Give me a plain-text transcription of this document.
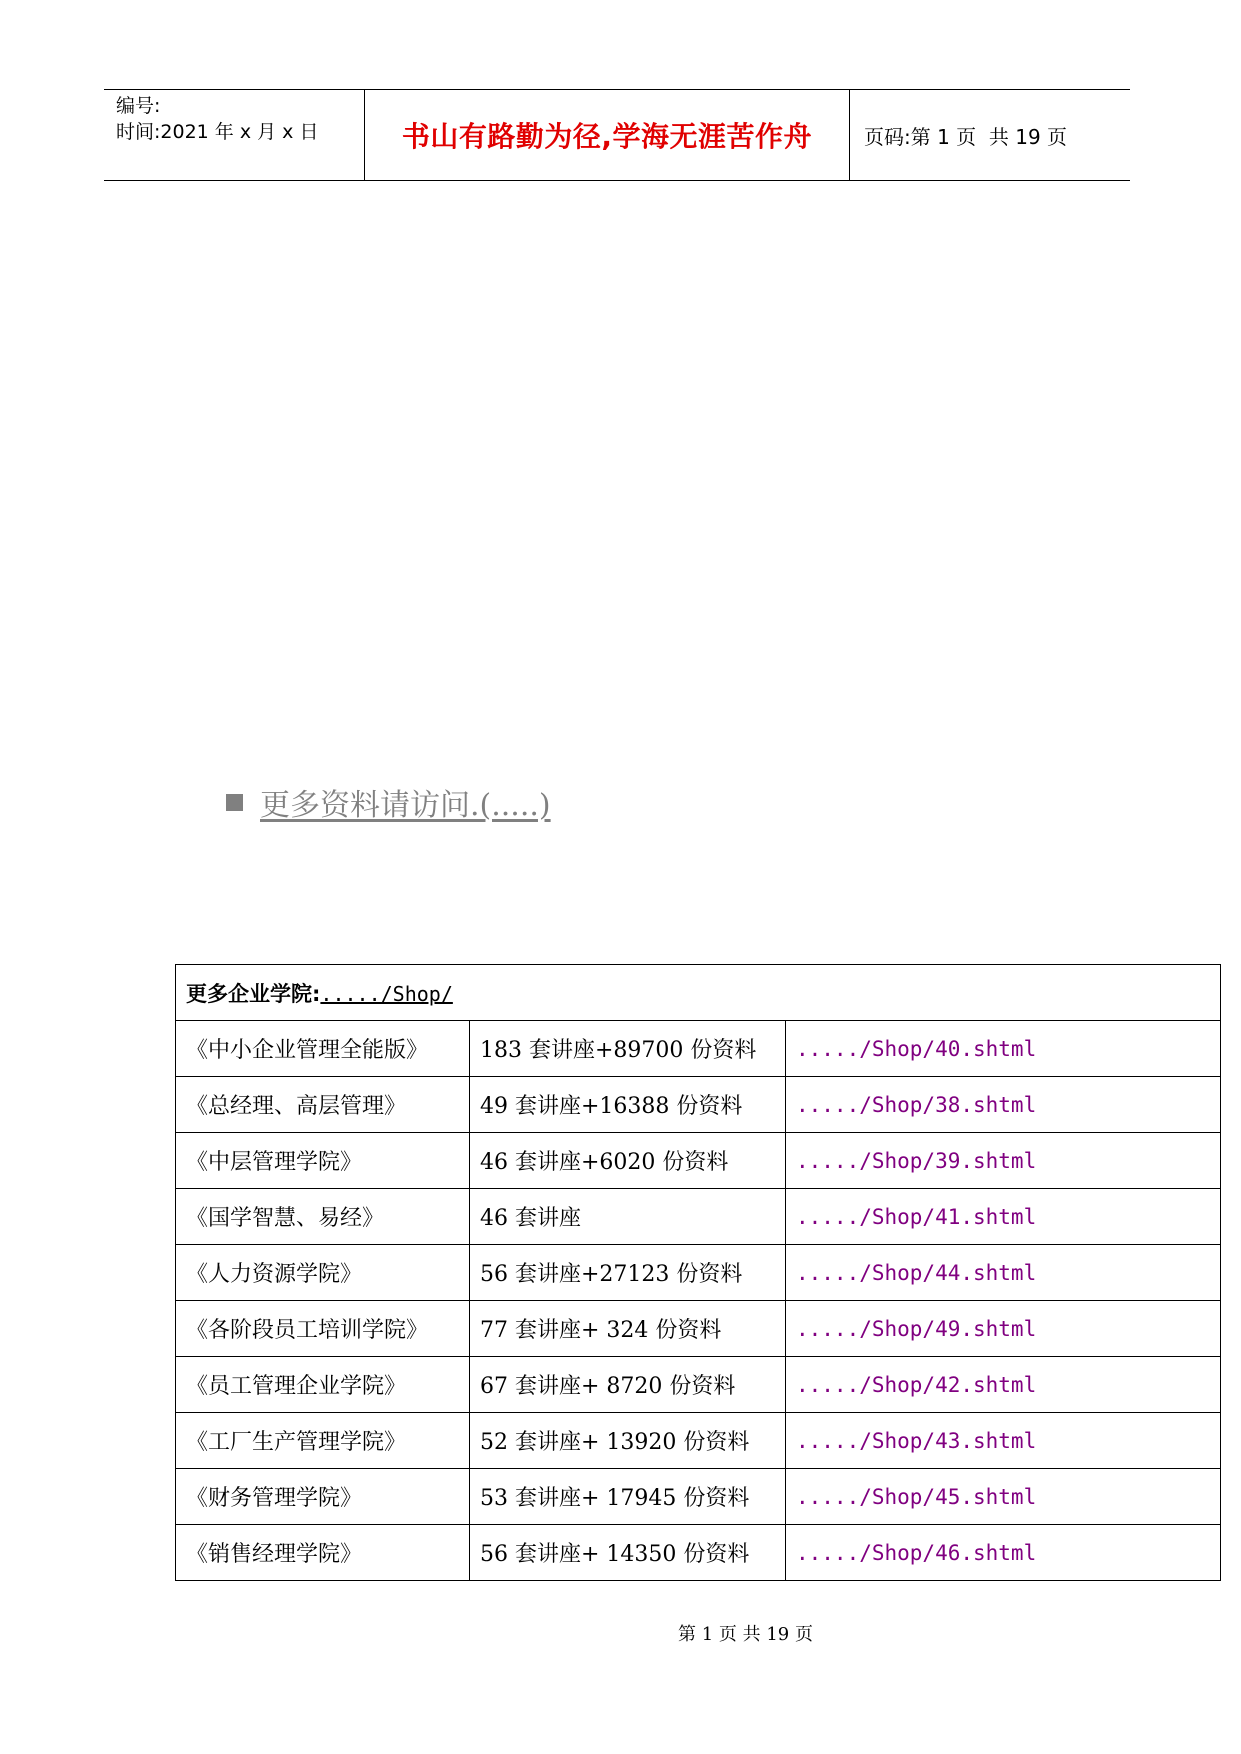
编号:
时间:2021 年 x 月 x 日	书山有路勤为径,学海无涯苦作舟	页码:第 1 页  共 19 页
更多资料请访问.(.....)
更多企业学院:...../Shop/		
《中小企业管理全能版》	183 套讲座+89700 份资料	...../Shop/40.shtml
《总经理、高层管理》	49 套讲座+16388 份资料	...../Shop/38.shtml
《中层管理学院》	46 套讲座+6020 份资料	...../Shop/39.shtml
《国学智慧、易经》	46 套讲座	...../Shop/41.shtml
《人力资源学院》	56 套讲座+27123 份资料	...../Shop/44.shtml
《各阶段员工培训学院》	77 套讲座+ 324 份资料	...../Shop/49.shtml
《员工管理企业学院》	67 套讲座+ 8720 份资料	...../Shop/42.shtml
《工厂生产管理学院》	52 套讲座+ 13920 份资料	...../Shop/43.shtml
《财务管理学院》	53 套讲座+ 17945 份资料	...../Shop/45.shtml
《销售经理学院》	56 套讲座+ 14350 份资料	...../Shop/46.shtml
第 1 页 共 19 页
